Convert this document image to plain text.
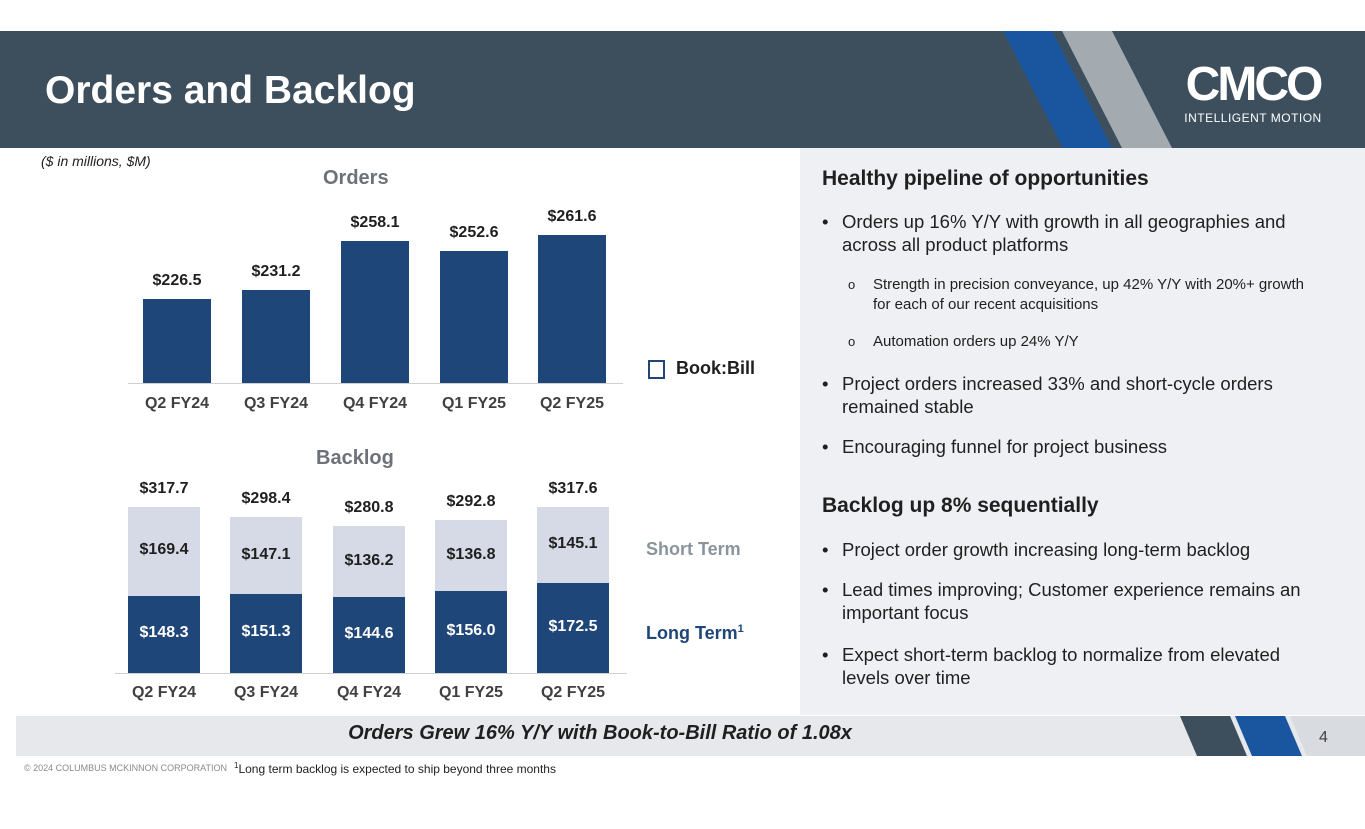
Orders and Backlog	CMCO
INTELLIGENT MOTION
($ in millions, $M)
Orders
Backlog
Book:Bill
Short Term
Long Term$^1$
Healthy pipeline of opportunities
• Orders up 16% Y/Y with growth in all geographies and across all product platforms
o	Strength in precision conveyance, up 42% Y/Y with 20%+ growth for each of our recent acquisitions
o	Automation orders up 24% Y/Y
• Project orders increased 33% and short-cycle orders remained stable
• Encouraging funnel for project business
Backlog up 8% sequentially
• Project order growth increasing long-term backlog
• Lead times improving; Customer experience remains an important focus
• Expect short-term backlog to normalize from elevated levels over time
Orders Grew 16% Y/Y with Book-to-Bill Ratio of 1.08x	4
© 2024 COLUMBUS MCKINNON CORPORATION $^1$Long term backlog is expected to ship beyond three months
$226.5
Q2 FY24
$231.2
Q3 FY24
$258.1
Q4 FY24
$252.6
Q1 FY25
$261.6
Q2 FY25
$148.3
$169.4
$317.7
Q2 FY24
$151.3
$147.1
$298.4
Q3 FY24
$144.6
$136.2
$280.8
Q4 FY24
$156.0
$136.8
$292.8
Q1 FY25
$172.5
$145.1
$317.6
Q2 FY25
